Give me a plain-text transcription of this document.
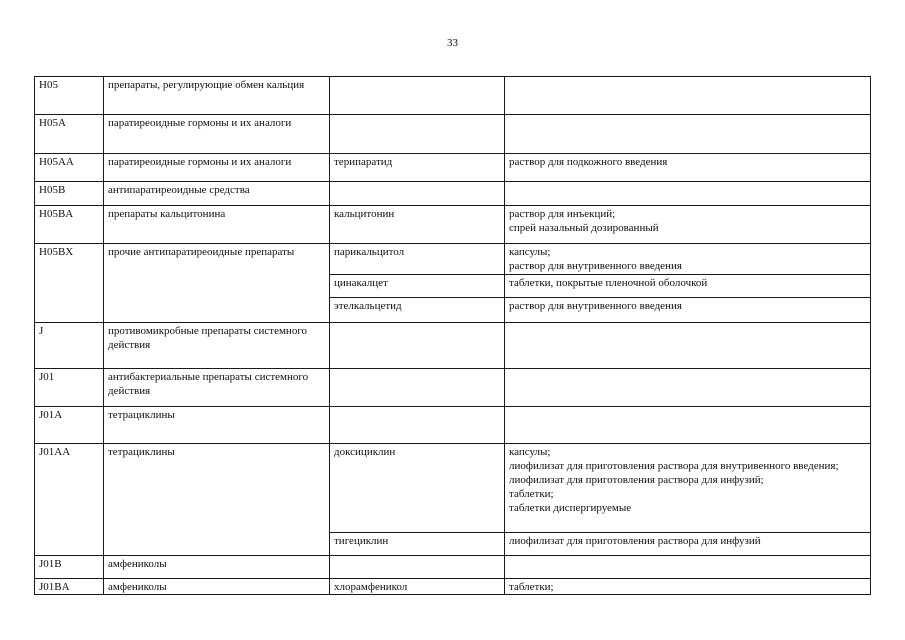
33
H05	препараты, регулирующие обмен кальция		
H05A	паратиреоидные гормоны и их аналоги		
H05AA	паратиреоидные гормоны и их аналоги	терипаратид	раствор для подкожного введения
H05B	антипаратиреоидные средства		
H05BA	препараты кальцитонина	кальцитонин	раствор для инъекций;
спрей назальный дозированный

H05BX	прочие антипаратиреоидные препараты	парикальцитол	капсулы;
раствор для внутривенного введения

		цинакалцет	таблетки, покрытые пленочной оболочкой
		этелкальцетид	раствор для внутривенного введения
J	противомикробные препараты системного действия		
J01	антибактериальные препараты системного действия		
J01A	тетрациклины		
J01AA	тетрациклины	доксициклин	капсулы;
лиофилизат для приготовления раствора для внутривенного введения;
лиофилизат для приготовления раствора для инфузий;
таблетки;
таблетки диспергируемые

		тигециклин	лиофилизат для приготовления раствора для инфузий
J01B	амфениколы		
J01BA	амфениколы	хлорамфеникол	таблетки;
